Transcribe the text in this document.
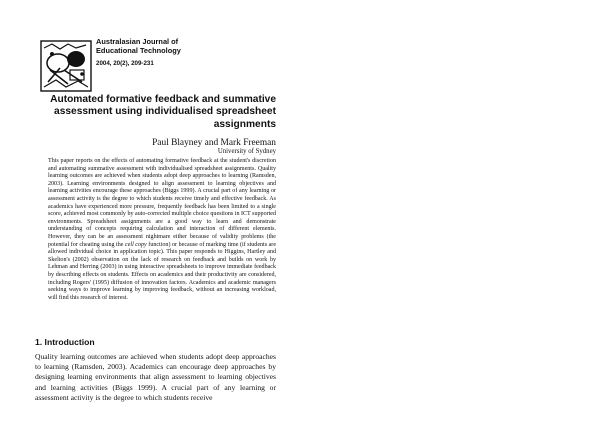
Australasian Journal of
Educational Technology
2004, 20(2), 209-231
Automated formative feedback and summative
assessment using individualised spreadsheet
assignments
Paul Blayney and Mark Freeman
University of Sydney

This paper reports on the effects of automating formative feedback at the student's discretion and automating summative assessment with individualised spreadsheet assignments. Quality learning outcomes are achieved when students adopt deep approaches to learning (Ramsden, 2003). Learning environments designed to align assessment to learning objectives and learning activities encourage these approaches (Biggs 1999). A crucial part of any learning or assessment activity is the degree to which students receive timely and effective feedback. As academics have experienced more pressure, frequently feedback has been limited to a single score, achieved most commonly by auto-corrected multiple choice questions in ICT supported environments. Spreadsheet assignments are a good way to learn and demonstrate understanding of concepts requiring calculation and interaction of different elements. However, they can be an assessment nightmare either because of validity problems (the potential for cheating using the cell copy function) or because of marking time (if students are allowed individual choice in application topic). This paper responds to Higgins, Hartley and Skelton's (2002) observation on the lack of research on feedback and builds on work by Lehman and Herring (2003) in using interactive spreadsheets to improve immediate feedback by describing effects on students. Effects on academics and their productivity are considered, including Rogers' (1995) diffusion of innovation factors. Academics and academic managers seeking ways to improve learning by improving feedback, without an increasing workload, will find this research of interest.

1. Introduction

Quality learning outcomes are achieved when students adopt deep approaches to learning (Ramsden, 2003). Academics can encourage deep approaches by designing learning environments that align assessment to learning objectives and learning activities (Biggs 1999). A crucial part of any learning or assessment activity is the degree to which students receive
